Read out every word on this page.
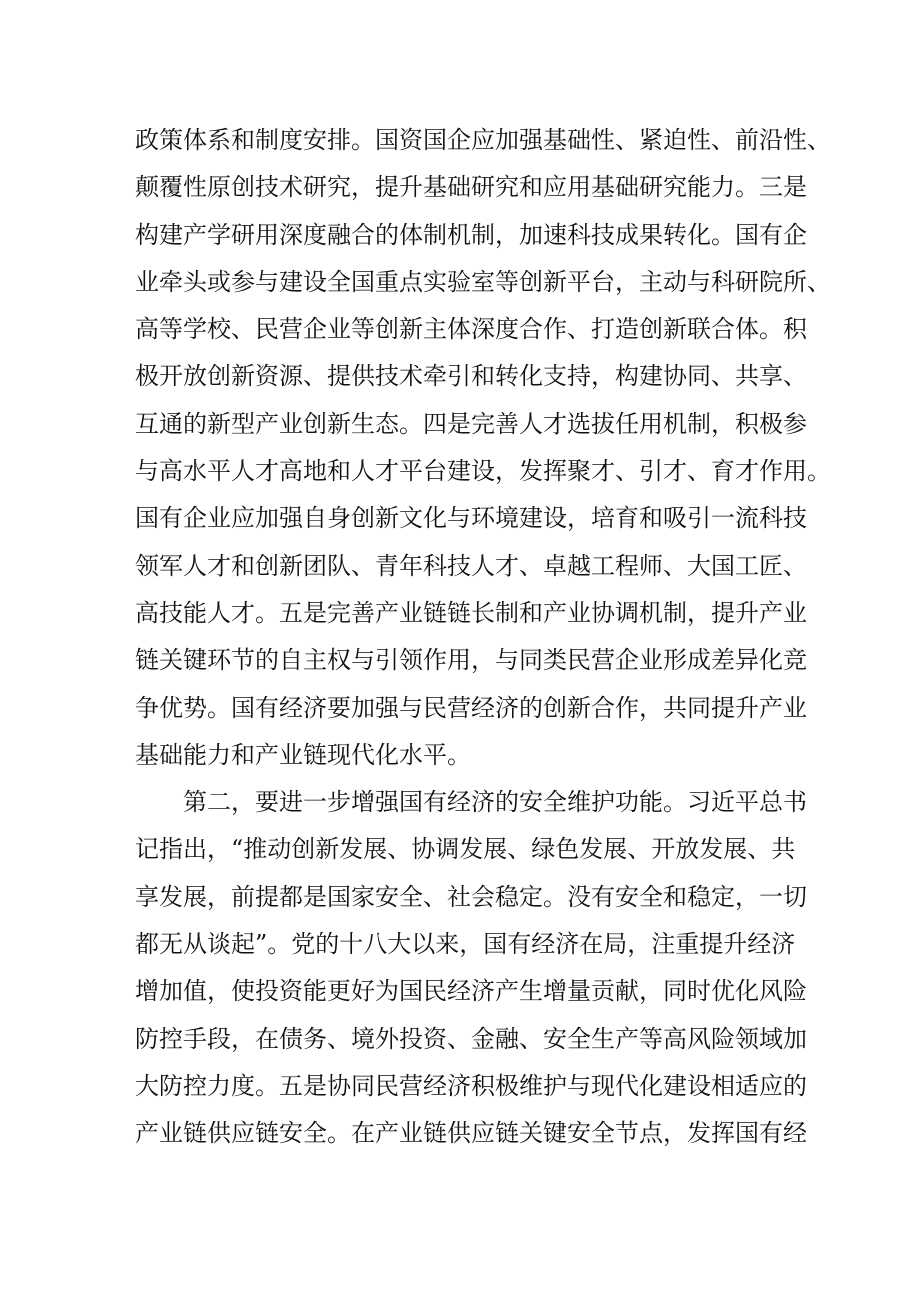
政策体系和制度安排。国资国企应加强基础性、紧迫性、前沿性、
颠覆性原创技术研究，提升基础研究和应用基础研究能力。三是
构建产学研用深度融合的体制机制，加速科技成果转化。国有企
业牵头或参与建设全国重点实验室等创新平台，主动与科研院所、
高等学校、民营企业等创新主体深度合作、打造创新联合体。积
极开放创新资源、提供技术牵引和转化支持，构建协同、共享、
互通的新型产业创新生态。四是完善人才选拔任用机制，积极参
与高水平人才高地和人才平台建设，发挥聚才、引才、育才作用。
国有企业应加强自身创新文化与环境建设，培育和吸引一流科技
领军人才和创新团队、青年科技人才、卓越工程师、大国工匠、
高技能人才。五是完善产业链链长制和产业协调机制，提升产业
链关键环节的自主权与引领作用，与同类民营企业形成差异化竞
争优势。国有经济要加强与民营经济的创新合作，共同提升产业
基础能力和产业链现代化水平。
　　第二，要进一步增强国有经济的安全维护功能。习近平总书
记指出，“推动创新发展、协调发展、绿色发展、开放发展、共
享发展，前提都是国家安全、社会稳定。没有安全和稳定，一切
都无从谈起”。党的十八大以来，国有经济在局，注重提升经济
增加值，使投资能更好为国民经济产生增量贡献，同时优化风险
防控手段，在债务、境外投资、金融、安全生产等高风险领域加
大防控力度。五是协同民营经济积极维护与现代化建设相适应的
产业链供应链安全。在产业链供应链关键安全节点，发挥国有经
